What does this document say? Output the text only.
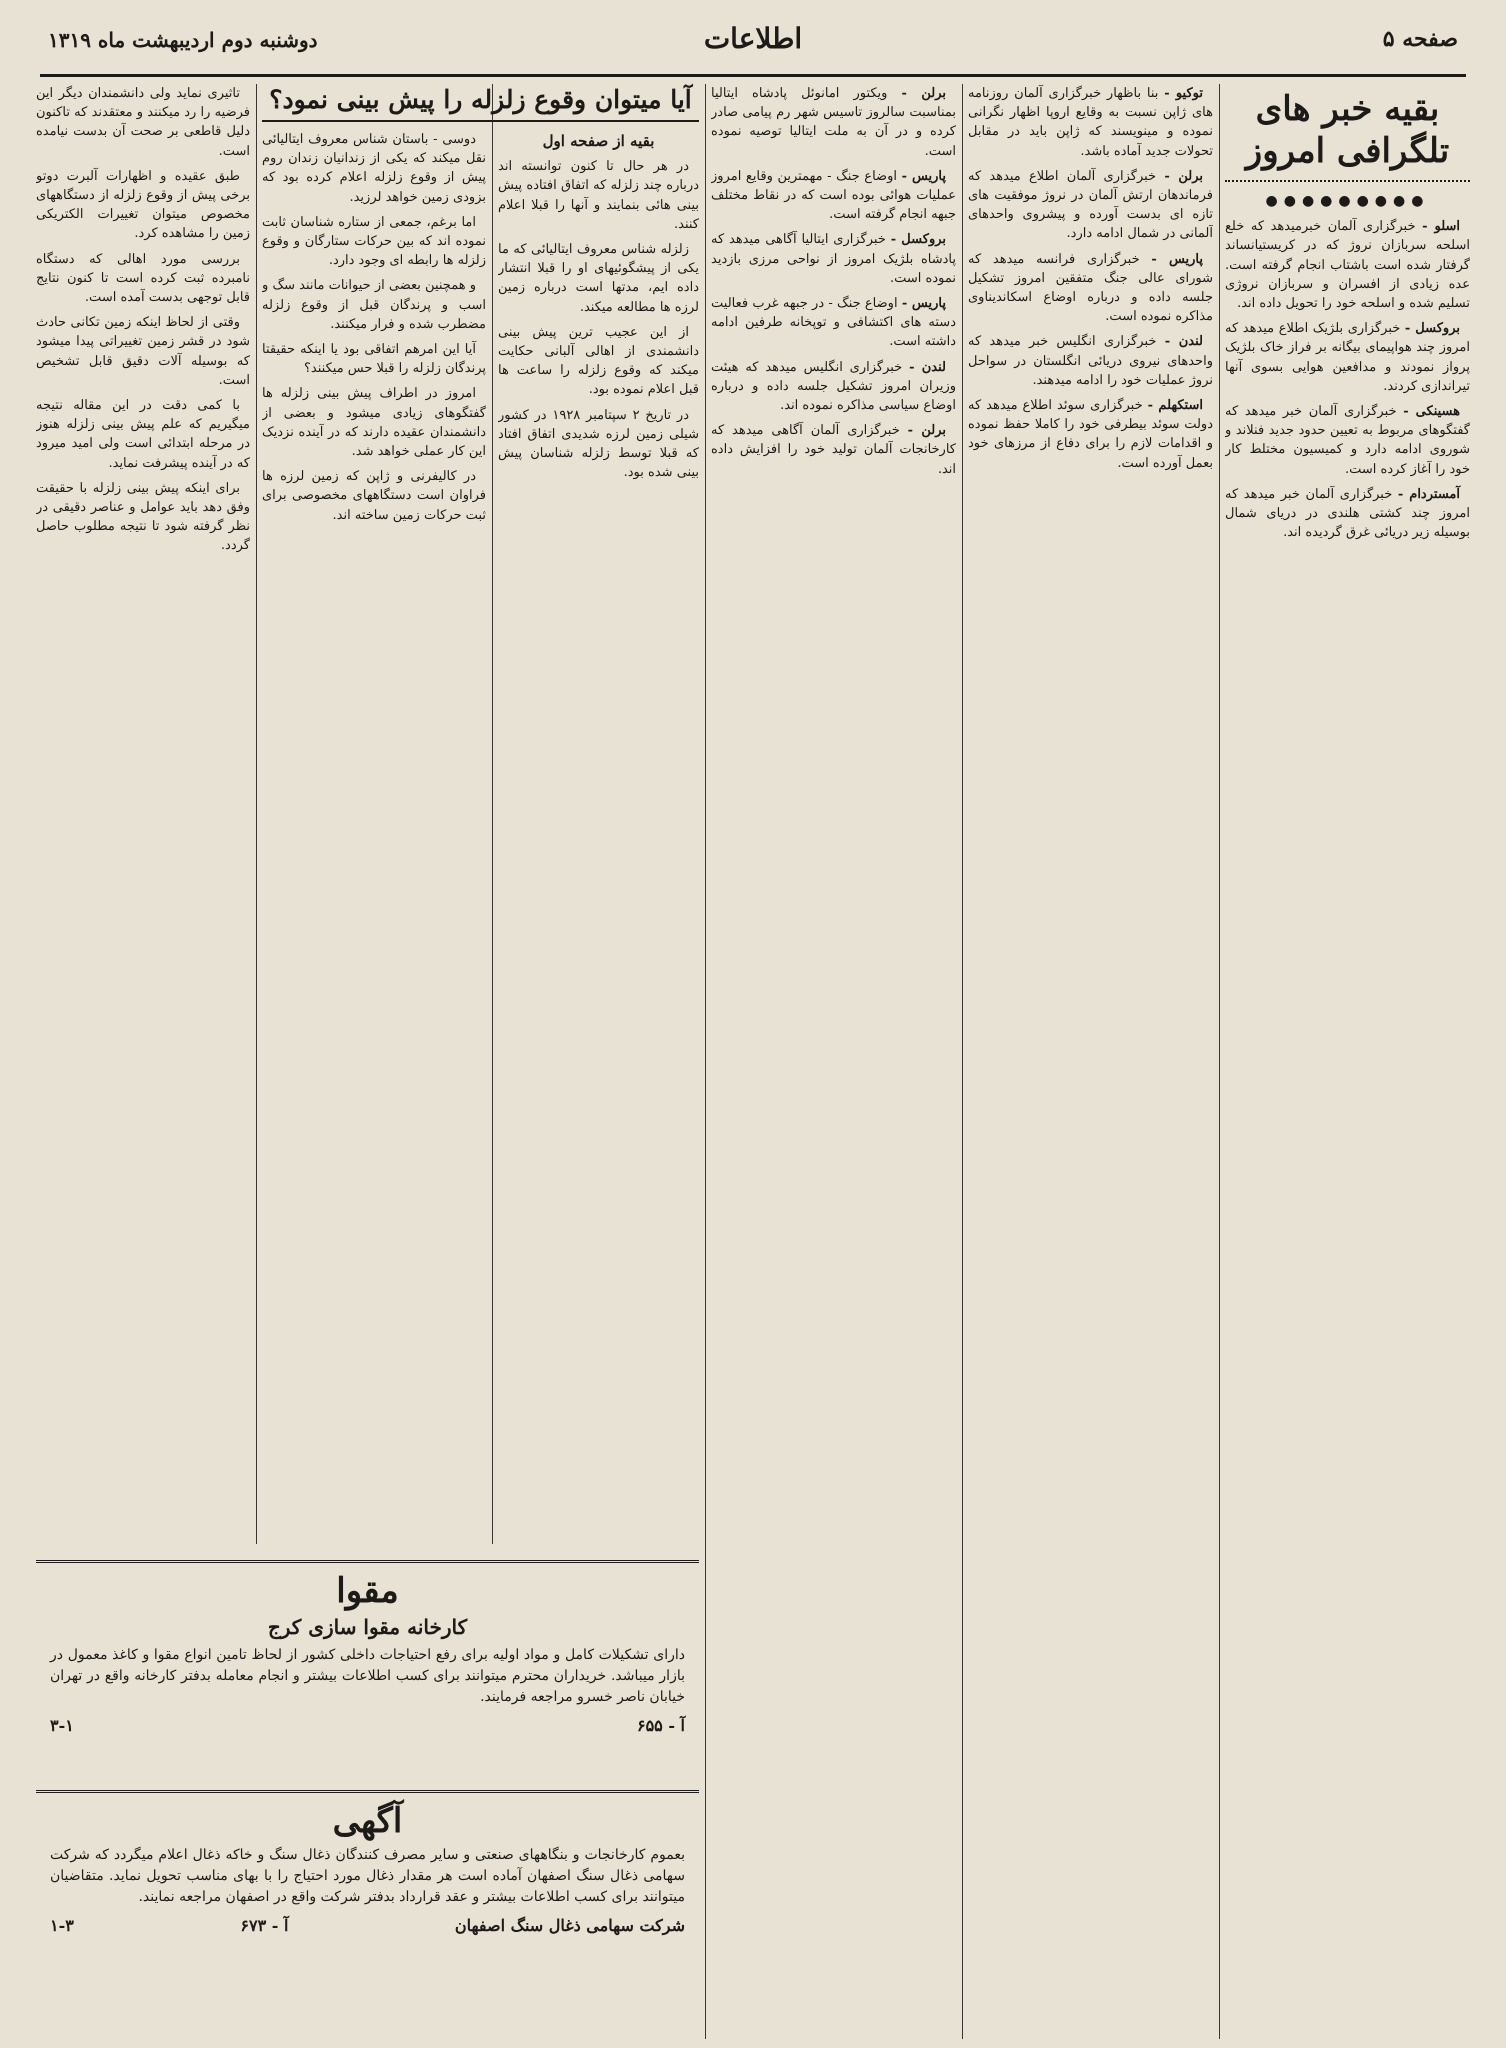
صفحه ۵
اطلاعات
دوشنبه دوم اردیبهشت ماه ۱۳۱۹
بقیه خبر های تلگرافی امروز
●●●●●●●●●

اسلو - خبرگزاری آلمان خبرمیدهد که خلع اسلحه سربازان نروژ که در کریستیانساند گرفتار شده است باشتاب انجام گرفته است. عده زیادی از افسران و سربازان نروژی تسلیم شده و اسلحه خود را تحویل داده اند.

بروکسل - خبرگزاری بلژیک اطلاع میدهد که امروز چند هواپیمای بیگانه بر فراز خاک بلژیک پرواز نمودند و مدافعین هوایی بسوی آنها تیراندازی کردند.

هسینکی - خبرگزاری آلمان خبر میدهد که گفتگوهای مربوط به تعیین حدود جدید فنلاند و شوروی ادامه دارد و کمیسیون مختلط کار خود را آغاز کرده است.

آمستردام - خبرگزاری آلمان خبر میدهد که امروز چند کشتی هلندی در دریای شمال بوسیله زیر دریائی غرق گردیده اند.

توکیو - بنا باظهار خبرگزاری آلمان روزنامه های ژاپن نسبت به وقایع اروپا اظهار نگرانی نموده و مینویسند که ژاپن باید در مقابل تحولات جدید آماده باشد.

برلن - خبرگزاری آلمان اطلاع میدهد که فرماندهان ارتش آلمان در نروژ موفقیت های تازه ای بدست آورده و پیشروی واحدهای آلمانی در شمال ادامه دارد.

پاریس - خبرگزاری فرانسه میدهد که شورای عالی جنگ متفقین امروز تشکیل جلسه داده و درباره اوضاع اسکاندیناوی مذاکره نموده است.

لندن - خبرگزاری انگلیس خبر میدهد که واحدهای نیروی دریائی انگلستان در سواحل نروژ عملیات خود را ادامه میدهند.

استکهلم - خبرگزاری سوئد اطلاع میدهد که دولت سوئد بیطرفی خود را کاملا حفظ نموده و اقدامات لازم را برای دفاع از مرزهای خود بعمل آورده است.

برلن - ویکتور امانوئل پادشاه ایتالیا بمناسبت سالروز تاسیس شهر رم پیامی صادر کرده و در آن به ملت ایتالیا توصیه نموده است.

پاریس - اوضاع جنگ - مهمترین وقایع امروز عملیات هوائی بوده است که در نقاط مختلف جبهه انجام گرفته است.

بروکسل - خبرگزاری ایتالیا آگاهی میدهد که پادشاه بلژیک امروز از نواحی مرزی بازدید نموده است.

پاریس - اوضاع جنگ - در جبهه غرب فعالیت دسته های اکتشافی و توپخانه طرفین ادامه داشته است.

لندن - خبرگزاری انگلیس میدهد که هیئت وزیران امروز تشکیل جلسه داده و درباره اوضاع سیاسی مذاکره نموده اند.

برلن - خبرگزاری آلمان آگاهی میدهد که کارخانجات آلمان تولید خود را افزایش داده اند.

آیا میتوان وقوع زلزله را پیش بینی نمود؟
بقیه از صفحه اول

در هر حال تا کنون توانسته اند درباره چند زلزله که اتفاق افتاده پیش بینی هائی بنمایند و آنها را قبلا اعلام کنند.

زلزله شناس معروف ایتالیائی که ما یکی از پیشگوئیهای او را قبلا انتشار داده ایم، مدتها است درباره زمین لرزه ها مطالعه میکند.

از این عجیب ترین پیش بینی دانشمندی از اهالی آلبانی حکایت میکند که وقوع زلزله را ساعت ها قبل اعلام نموده بود.

در تاریخ ۲ سپتامبر ۱۹۲۸ در کشور شیلی زمین لرزه شدیدی اتفاق افتاد که قبلا توسط زلزله شناسان پیش بینی شده بود.

دوسی - باستان شناس معروف ایتالیائی نقل میکند که یکی از زندانیان زندان روم پیش از وقوع زلزله اعلام کرده بود که بزودی زمین خواهد لرزید.

اما برغم، جمعی از ستاره شناسان ثابت نموده اند که بین حرکات ستارگان و وقوع زلزله ها رابطه ای وجود دارد.

و همچنین بعضی از حیوانات مانند سگ و اسب و پرندگان قبل از وقوع زلزله مضطرب شده و فرار میکنند.

آیا این امرهم اتفاقی بود یا اینکه حقیقتا پرندگان زلزله را قبلا حس میکنند؟

امروز در اطراف پیش بینی زلزله ها گفتگوهای زیادی میشود و بعضی از دانشمندان عقیده دارند که در آینده نزدیک این کار عملی خواهد شد.

در کالیفرنی و ژاپن که زمین لرزه ها فراوان است دستگاههای مخصوصی برای ثبت حرکات زمین ساخته اند.

تاثیری نماید ولی دانشمندان دیگر این فرضیه را رد میکنند و معتقدند که تاکنون دلیل قاطعی بر صحت آن بدست نیامده است.

طبق عقیده و اظهارات آلبرت دوتو برخی پیش از وقوع زلزله از دستگاههای مخصوص میتوان تغییرات الکتریکی زمین را مشاهده کرد.

بررسی مورد اهالی که دستگاه نامبرده ثبت کرده است تا کنون نتایج قابل توجهی بدست آمده است.

وقتی از لحاظ اینکه زمین تکانی حادث شود در قشر زمین تغییراتی پیدا میشود که بوسیله آلات دقیق قابل تشخیص است.

با کمی دقت در این مقاله نتیجه میگیریم که علم پیش بینی زلزله هنوز در مرحله ابتدائی است ولی امید میرود که در آینده پیشرفت نماید.

برای اینکه پیش بینی زلزله با حقیقت وفق دهد باید عوامل و عناصر دقیقی در نظر گرفته شود تا نتیجه مطلوب حاصل گردد.

مقوا
کارخانه مقوا سازی کرج
دارای تشکیلات کامل و مواد اولیه برای رفع احتیاجات داخلی کشور از لحاظ تامین انواع مقوا و کاغذ معمول در بازار میباشد. خریداران محترم میتوانند برای کسب اطلاعات بیشتر و انجام معامله بدفتر کارخانه واقع در تهران خیابان ناصر خسرو مراجعه فرمایند.
آ - ۶۵۵
۳-۱
آگهی
بعموم کارخانجات و بنگاههای صنعتی و سایر مصرف کنندگان ذغال سنگ و خاکه ذغال اعلام میگردد که شرکت سهامی ذغال سنگ اصفهان آماده است هر مقدار ذغال مورد احتیاج را با بهای مناسب تحویل نماید. متقاضیان میتوانند برای کسب اطلاعات بیشتر و عقد قرارداد بدفتر شرکت واقع در اصفهان مراجعه نمایند.
شرکت سهامی ذغال سنگ اصفهان
آ - ۶۷۳
۱-۳
